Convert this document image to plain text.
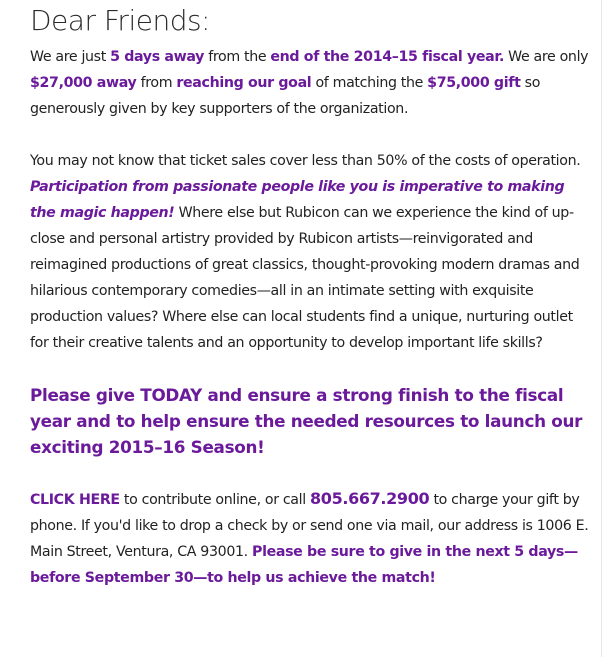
Dear Friends:

We are just 5 days away from the end of the 2014–15 fiscal year. We are only $27,000 away from reaching our goal of matching the $75,000 gift so generously given by key supporters of the organization.

You may not know that ticket sales cover less than 50% of the costs of operation. Participation from passionate people like you is imperative to making the magic happen! Where else but Rubicon can we experience the kind of up-close and personal artistry provided by Rubicon artists—reinvigorated and reimagined productions of great classics, thought-provoking modern dramas and hilarious contemporary comedies—all in an intimate setting with exquisite production values? Where else can local students find a unique, nurturing outlet for their creative talents and an opportunity to develop important life skills?

Please give TODAY and ensure a strong finish to the fiscal year and to help ensure the needed resources to launch our exciting 2015–16 Season!

CLICK HERE to contribute online, or call 805.667.2900 to charge your gift by phone. If you'd like to drop a check by or send one via mail, our address is 1006 E. Main Street, Ventura, CA 93001. Please be sure to give in the next 5 days—before September 30—to help us achieve the match!
